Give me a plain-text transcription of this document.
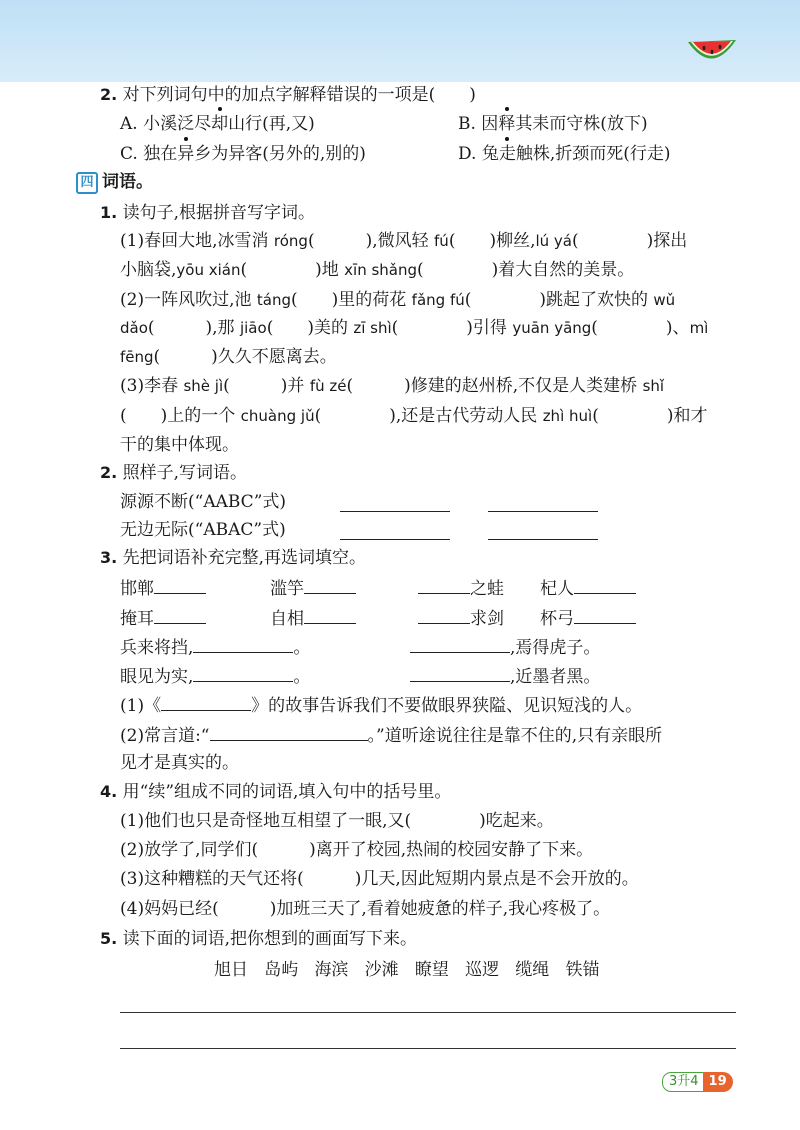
2. 对下列词句中的加点字解释错误的一项是(　　)
A. 小溪泛尽却山行(再,又)	B. 因释其耒而守株(放下)
C. 独在异乡为异客(另外的,别的)	D. 兔走触株,折颈而死(行走)
四 词语。
1. 读句子,根据拼音写字词。
(1)春回大地,冰雪消 róng(　　　),微风轻 fú(　　)柳丝,lú yá(　　　　)探出
小脑袋,yōu xián(　　　　)地 xīn shǎng(　　　　)着大自然的美景。
(2)一阵风吹过,池 táng(　　)里的荷花 fǎng fú(　　　　)跳起了欢快的 wǔ
dǎo(　　　),那 jiāo(　　)美的 zī shì(　　　　)引得 yuān yāng(　　　　)、mì
fēng(　　　)久久不愿离去。
(3)李春 shè jì(　　　)并 fù zé(　　　)修建的赵州桥,不仅是人类建桥 shǐ
(　　)上的一个 chuàng jǔ(　　　　),还是古代劳动人民 zhì huì(　　　　)和才
干的集中体现。
2. 照样子,写词语。
源源不断(“AABC”式)
无边无际(“ABAC”式)
3. 先把词语补充完整,再选词填空。
邯郸	滥竽	之蛙 杞人
掩耳	自相	求剑 杯弓
兵来将挡,	。	,焉得虎子。
眼见为实,	。	,近墨者黑。
(1)《	》的故事告诉我们不要做眼界狭隘、见识短浅的人。
(2)常言道:“	。”道听途说往往是靠不住的,只有亲眼所
见才是真实的。
4. 用“续”组成不同的词语,填入句中的括号里。
(1)他们也只是奇怪地互相望了一眼,又(　　　　)吃起来。
(2)放学了,同学们(　　　)离开了校园,热闹的校园安静了下来。
(3)这种糟糕的天气还将(　　　)几天,因此短期内景点是不会开放的。
(4)妈妈已经(　　　)加班三天了,看着她疲惫的样子,我心疼极了。
5. 读下面的词语,把你想到的画面写下来。
旭日 岛屿 海滨 沙滩 瞭望 巡逻 缆绳 铁锚
3升4 19
